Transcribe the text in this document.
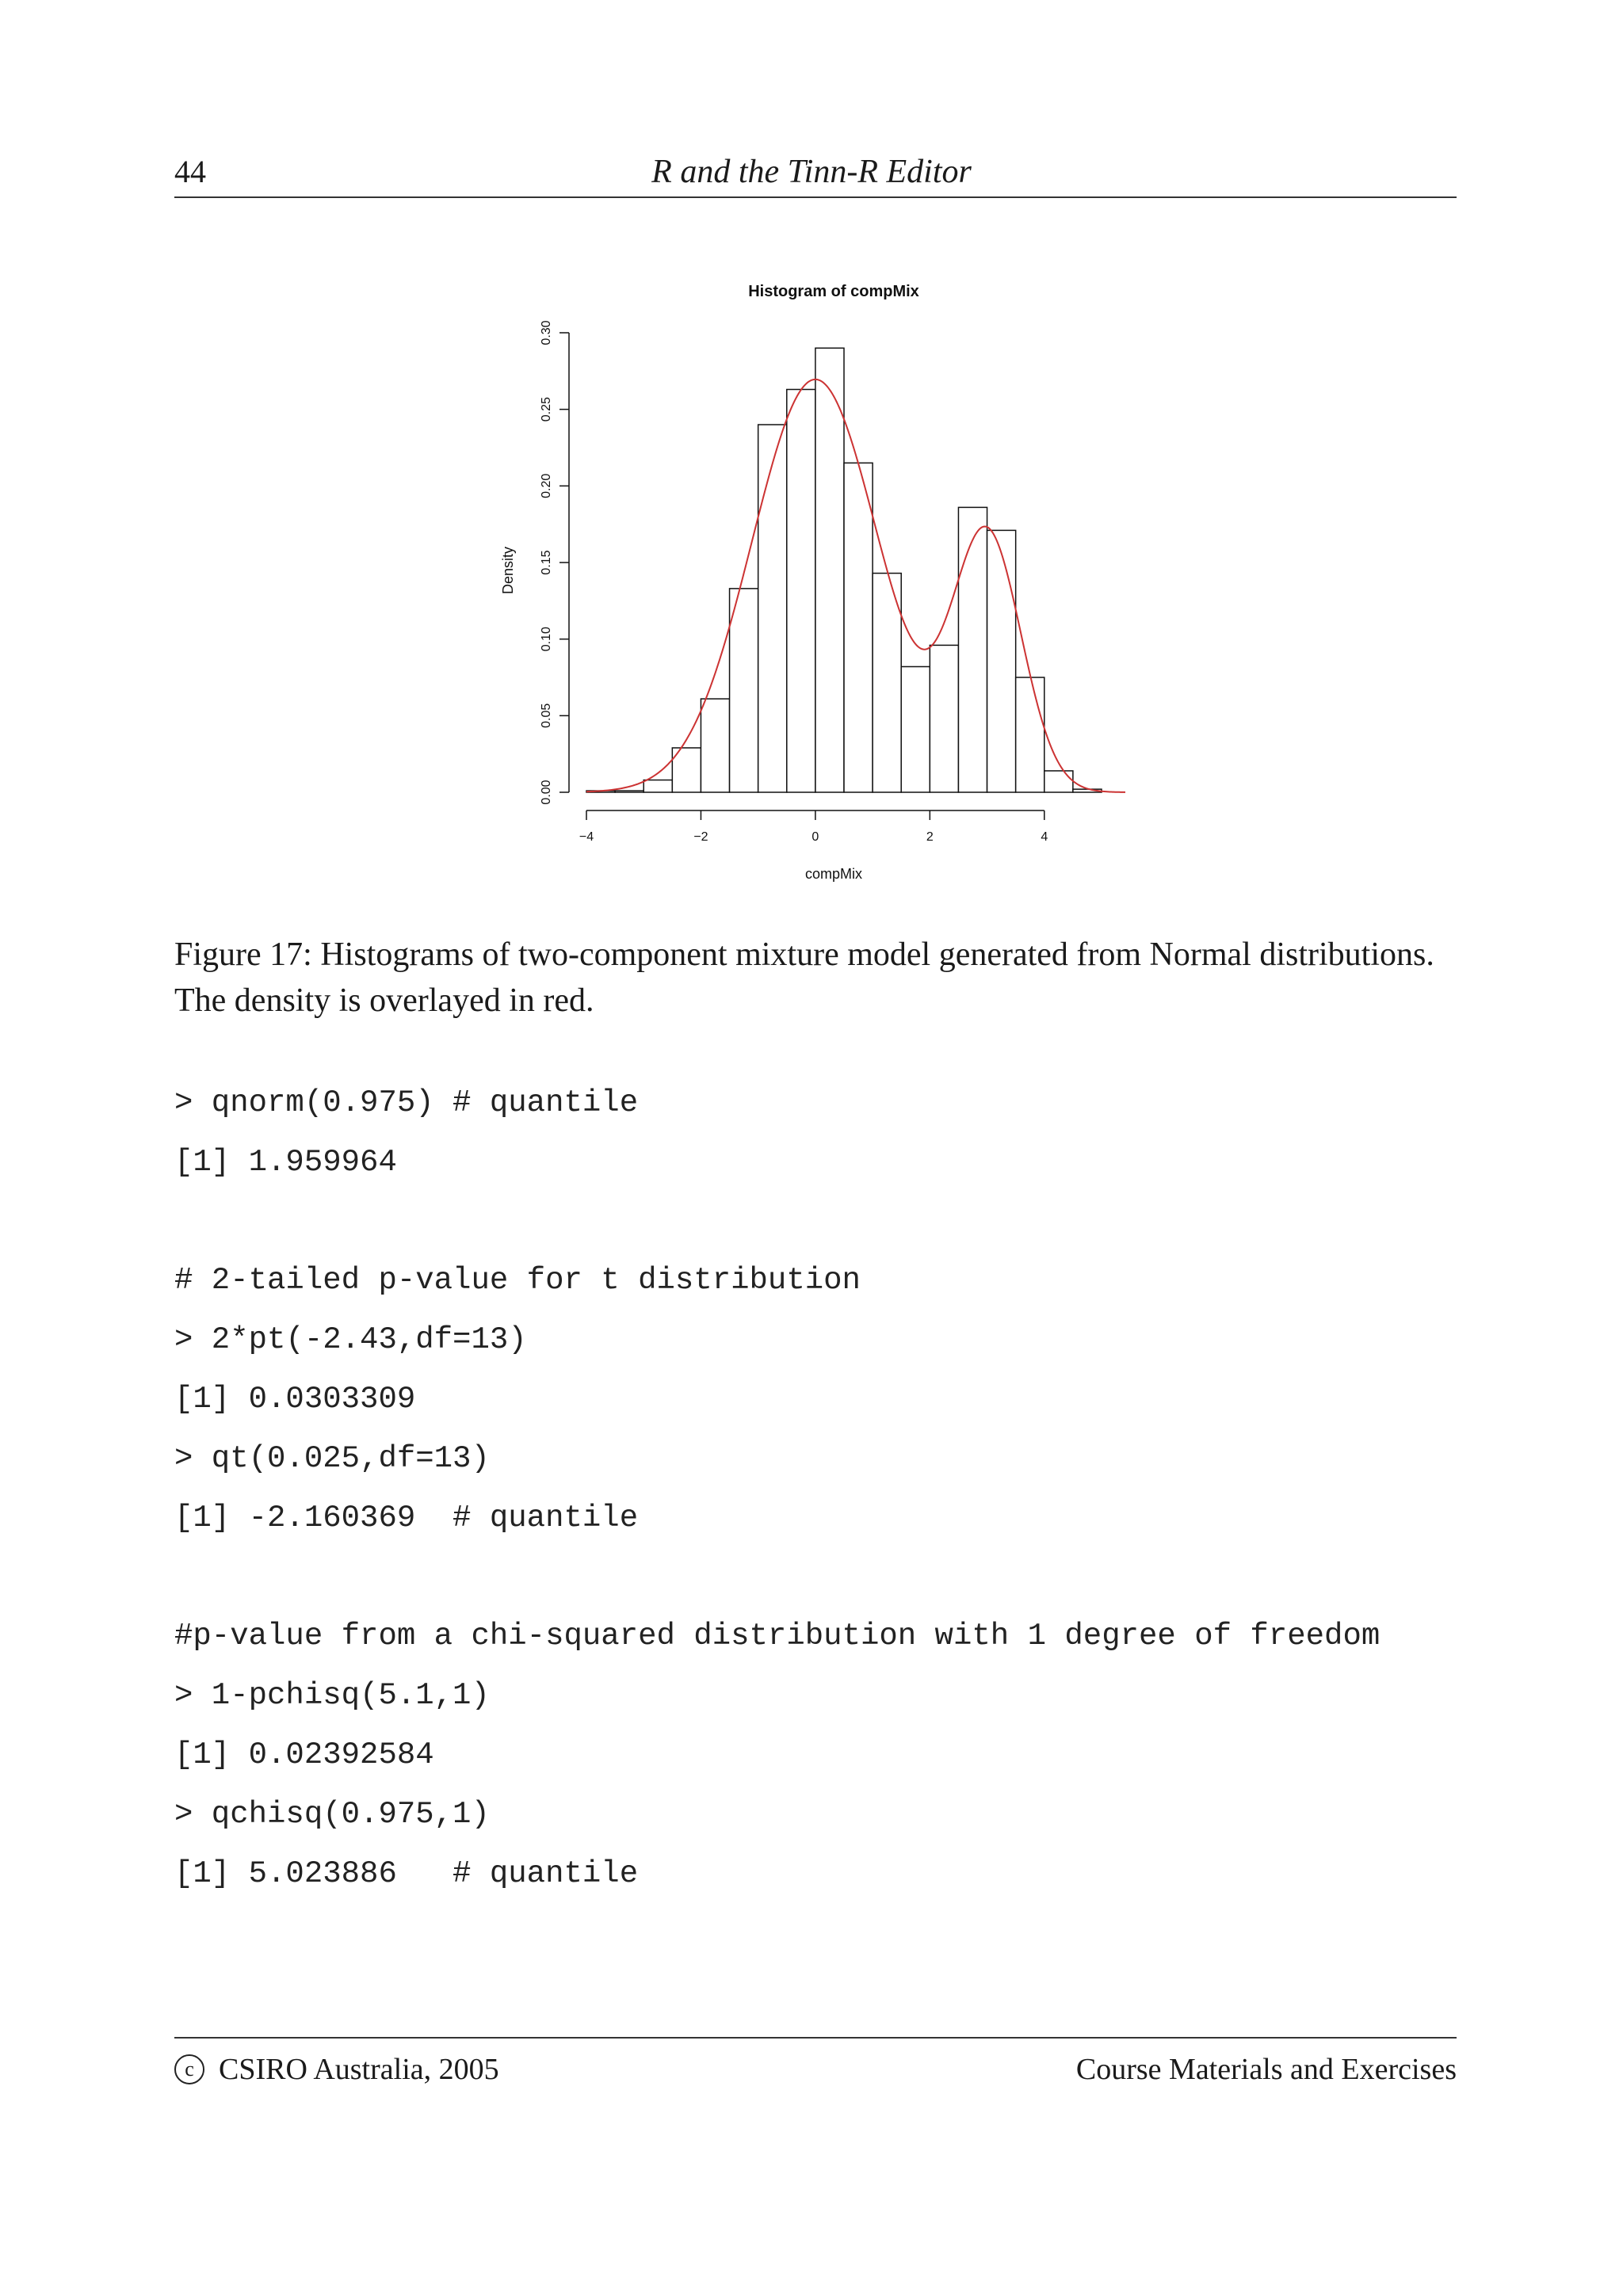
44	R and the Tinn-R Editor
Histogram of compMix
0.00
0.05
0.10
0.15
0.20
0.25
0.30
−4	−2	0	2	4
compMix
Density
Figure 17: Histograms of two-component mixture model generated from Normal distributions. The density is overlayed in red.
> qnorm(0.975) # quantile
[1] 1.959964
# 2-tailed p-value for t distribution
> 2*pt(-2.43,df=13)
[1] 0.0303309
> qt(0.025,df=13)
[1] -2.160369  # quantile
#p-value from a chi-squared distribution with 1 degree of freedom
> 1-pchisq(5.1,1)
[1] 0.02392584
> qchisq(0.975,1)
[1] 5.023886   # quantile
c CSIRO Australia, 2005	Course Materials and Exercises
